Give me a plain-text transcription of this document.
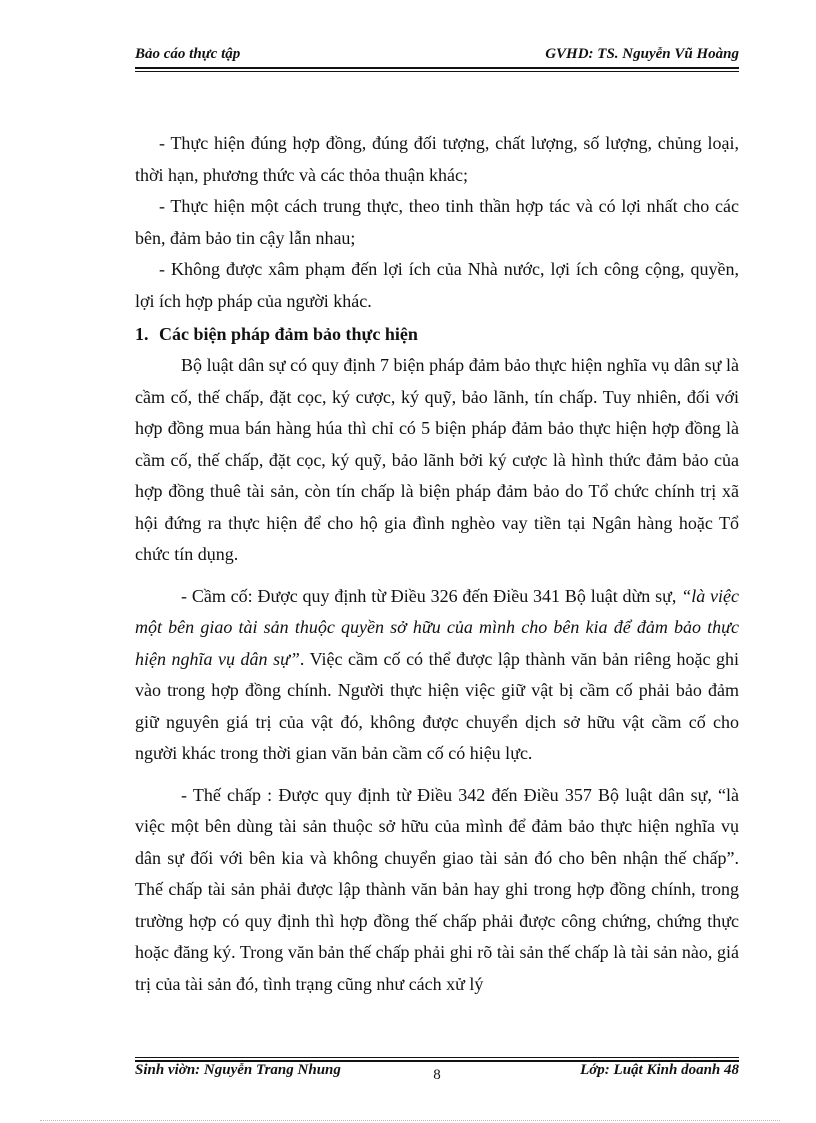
Bảo cáo thực tập	GVHD: TS. Nguyễn Vũ Hoàng

- Thực hiện đúng hợp đồng, đúng đối tượng, chất lượng, số lượng, chủng loại, thời hạn, phương thức và các thỏa thuận khác;

- Thực hiện một cách trung thực, theo tinh thần hợp tác và có lợi nhất cho các bên, đảm bảo tin cậy lẫn nhau;

- Không được xâm phạm đến lợi ích của Nhà nước, lợi ích công cộng, quyền, lợi ích hợp pháp của người khác.

1. Các biện pháp đảm bảo thực hiện

Bộ luật dân sự có quy định 7 biện pháp đảm bảo thực hiện nghĩa vụ dân sự là cầm cố, thế chấp, đặt cọc, ký cược, ký quỹ, bảo lãnh, tín chấp. Tuy nhiên, đối với hợp đồng mua bán hàng húa thì chỉ có 5 biện pháp đảm bảo thực hiện hợp đồng là cầm cố, thế chấp, đặt cọc, ký quỹ, bảo lãnh bởi ký cược là hình thức đảm bảo của hợp đồng thuê tài sản, còn tín chấp là biện pháp đảm bảo do Tổ chức chính trị xã hội đứng ra thực hiện để cho hộ gia đình nghèo vay tiền tại Ngân hàng hoặc Tổ chức tín dụng.

- Cầm cố: Được quy định từ Điều 326 đến Điều 341 Bộ luật dừn sự, “là việc một bên giao tài sản thuộc quyền sở hữu của mình cho bên kia để đảm bảo thực hiện nghĩa vụ dân sự”. Việc cầm cố có thể được lập thành văn bản riêng hoặc ghi vào trong hợp đồng chính. Người thực hiện việc giữ vật bị cầm cố phải bảo đảm giữ nguyên giá trị của vật đó, không được chuyển dịch sở hữu vật cầm cố cho người khác trong thời gian văn bản cầm cố có hiệu lực.

- Thế chấp : Được quy định từ Điều 342 đến Điều 357 Bộ luật dân sự, “là việc một bên dùng tài sản thuộc sở hữu của mình để đảm bảo thực hiện nghĩa vụ dân sự đối với bên kia và không chuyển giao tài sản đó cho bên nhận thế chấp”. Thế chấp tài sản phải được lập thành văn bản hay ghi trong hợp đồng chính, trong trường hợp có quy định thì hợp đồng thế chấp phải được công chứng, chứng thực hoặc đăng ký. Trong văn bản thế chấp phải ghi rõ tài sản thế chấp là tài sản nào, giá trị của tài sản đó, tình trạng cũng như cách xử lý

Sinh viờn: Nguyễn Trang Nhung	8	Lớp: Luật Kinh doanh 48
